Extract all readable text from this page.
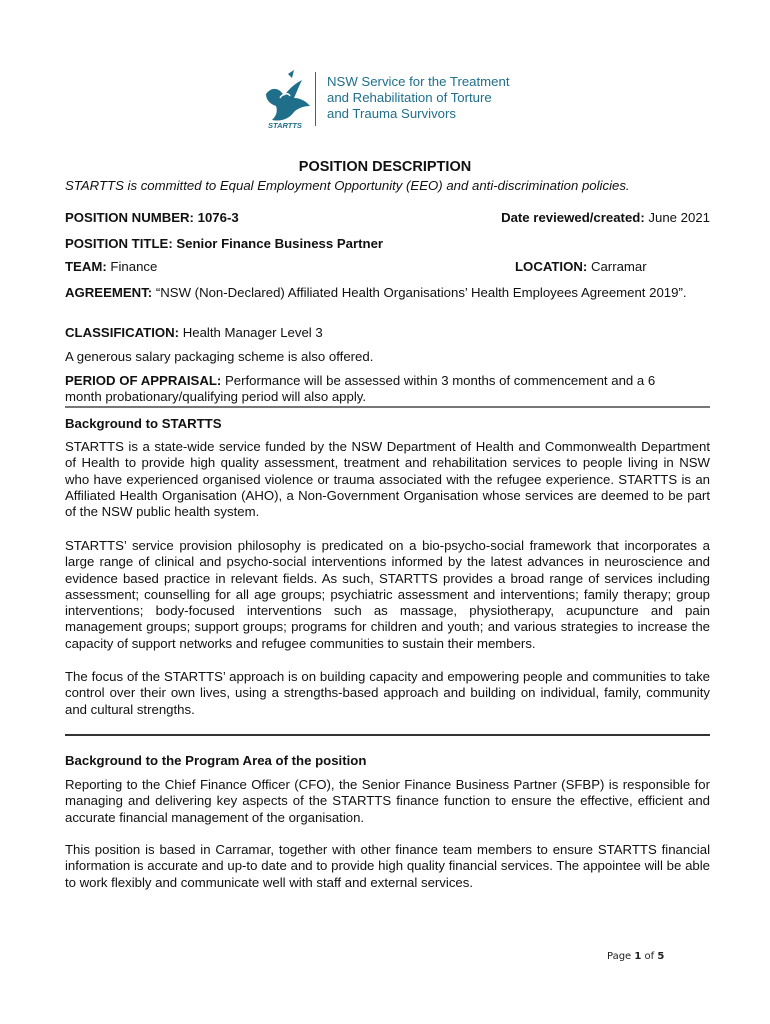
STARTTS
NSW Service for the Treatment
and Rehabilitation of Torture
and Trauma Survivors
POSITION DESCRIPTION
STARTTS is committed to Equal Employment Opportunity (EEO) and anti-discrimination policies.
POSITION NUMBER: 1076-3	Date reviewed/created: June 2021
POSITION TITLE: Senior Finance Business Partner
TEAM: Finance	LOCATION: Carramar
AGREEMENT: “NSW (Non-Declared) Affiliated Health Organisations’ Health Employees Agreement 2019”.
CLASSIFICATION: Health Manager Level 3
A generous salary packaging scheme is also offered.
PERIOD OF APPRAISAL: Performance will be assessed within 3 months of commencement and a 6 month probationary/qualifying period will also apply.
Background to STARTTS
STARTTS is a state-wide service funded by the NSW Department of Health and Commonwealth Department of Health to provide high quality assessment, treatment and rehabilitation services to people living in NSW who have experienced organised violence or trauma associated with the refugee experience. STARTTS is an Affiliated Health Organisation (AHO), a Non-Government Organisation whose services are deemed to be part of the NSW public health system.
STARTTS’ service provision philosophy is predicated on a bio-psycho-social framework that incorporates a large range of clinical and psycho-social interventions informed by the latest advances in neuroscience and evidence based practice in relevant fields. As such, STARTTS provides a broad range of services including assessment; counselling for all age groups; psychiatric assessment and interventions; family therapy; group interventions; body-focused interventions such as massage, physiotherapy, acupuncture and pain management groups; support groups; programs for children and youth; and various strategies to increase the capacity of support networks and refugee communities to sustain their members.
The focus of the STARTTS’ approach is on building capacity and empowering people and communities to take control over their own lives, using a strengths-based approach and building on individual, family, community and cultural strengths.
Background to the Program Area of the position
Reporting to the Chief Finance Officer (CFO), the Senior Finance Business Partner (SFBP) is responsible for managing and delivering key aspects of the STARTTS finance function to ensure the effective, efficient and accurate financial management of the organisation.
This position is based in Carramar, together with other finance team members to ensure STARTTS financial information is accurate and up-to date and to provide high quality financial services. The appointee will be able to work flexibly and communicate well with staff and external services.
Page 1 of 5
